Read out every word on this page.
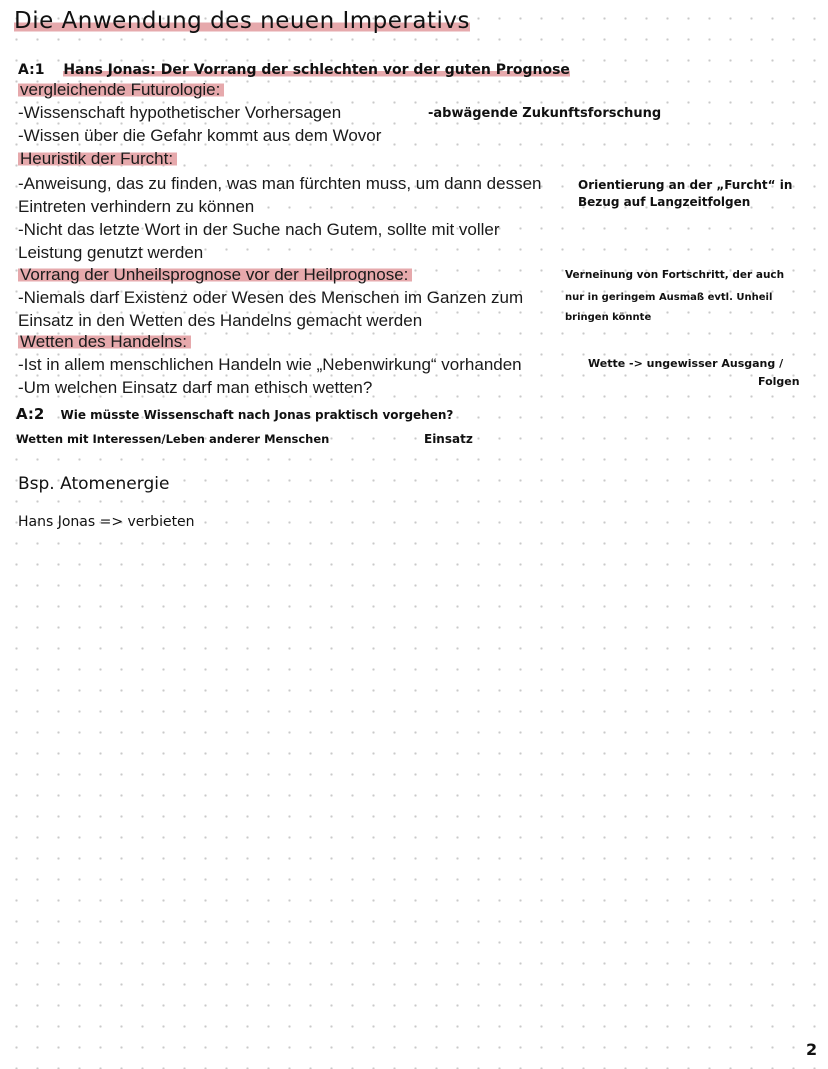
Die Anwendung des neuen Imperativs
A:1 Hans Jonas: Der Vorrang der schlechten vor der guten Prognose
vergleichende Futurologie:
-Wissenschaft hypothetischer Vorhersagen
-Wissen über die Gefahr kommt aus dem Wovor
-abwägende Zukunftsforschung
Heuristik der Furcht:
-Anweisung, das zu finden, was man fürchten muss, um dann dessen
Eintreten verhindern zu können
-Nicht das letzte Wort in der Suche nach Gutem, sollte mit voller
Leistung genutzt werden
Orientierung an der „Furcht“ in
Bezug auf Langzeitfolgen
Vorrang der Unheilsprognose vor der Heilprognose:
-Niemals darf Existenz oder Wesen des Menschen im Ganzen zum
Einsatz in den Wetten des Handelns gemacht werden
Verneinung von Fortschritt, der auch
nur in geringem Ausmaß evtl. Unheil
bringen könnte
Wetten des Handelns:
-Ist in allem menschlichen Handeln wie „Nebenwirkung“ vorhanden
-Um welchen Einsatz darf man ethisch wetten?
Wette -> ungewisser Ausgang /
Folgen
A:2 Wie müsste Wissenschaft nach Jonas praktisch vorgehen?
Wetten mit Interessen/Leben anderer Menschen	Einsatz
Bsp. Atomenergie
Hans Jonas => verbieten
2
